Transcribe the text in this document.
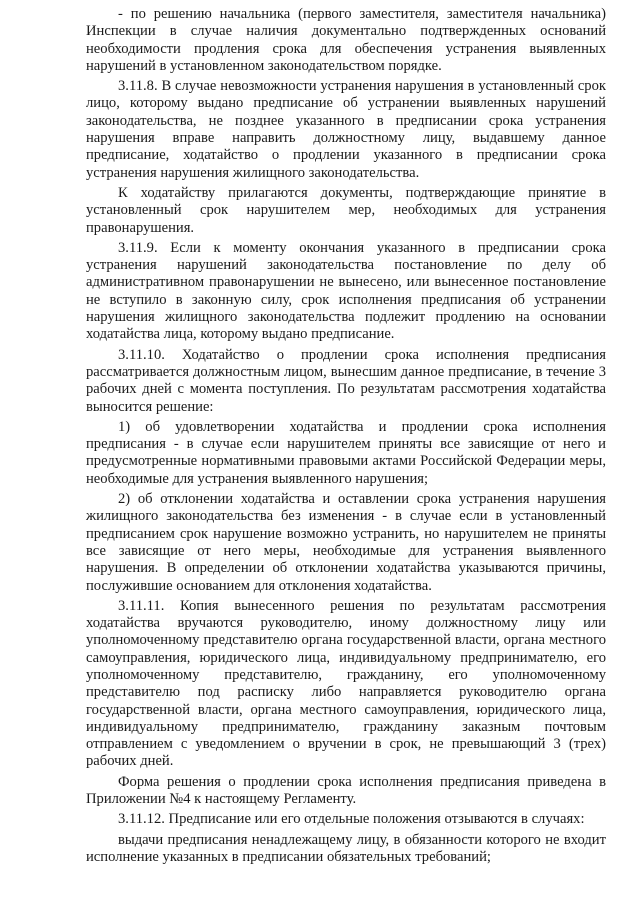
- по решению начальника (первого заместителя, заместителя начальника) Инспекции в случае наличия документально подтвержденных оснований необходимости продления срока для обеспечения устранения выявленных нарушений в установленном законодательством порядке.

3.11.8. В случае невозможности устранения нарушения в установленный срок лицо, которому выдано предписание об устранении выявленных нарушений законодательства, не позднее указанного в предписании срока устранения нарушения вправе направить должностному лицу, выдавшему данное предписание, ходатайство о продлении указанного в предписании срока устранения нарушения жилищного законодательства.

К ходатайству прилагаются документы, подтверждающие принятие в установленный срок нарушителем мер, необходимых для устранения правонарушения.

3.11.9. Если к моменту окончания указанного в предписании срока устранения нарушений законодательства постановление по делу об административном правонарушении не вынесено, или вынесенное постановление не вступило в законную силу, срок исполнения предписания об устранении нарушения жилищного законодательства подлежит продлению на основании ходатайства лица, которому выдано предписание.

3.11.10. Ходатайство о продлении срока исполнения предписания рассматривается должностным лицом, вынесшим данное предписание, в течение 3 рабочих дней с момента поступления. По результатам рассмотрения ходатайства выносится решение:

1) об удовлетворении ходатайства и продлении срока исполнения предписания - в случае если нарушителем приняты все зависящие от него и предусмотренные нормативными правовыми актами Российской Федерации меры, необходимые для устранения выявленного нарушения;

2) об отклонении ходатайства и оставлении срока устранения нарушения жилищного законодательства без изменения - в случае если в установленный предписанием срок нарушение возможно устранить, но нарушителем не приняты все зависящие от него меры, необходимые для устранения выявленного нарушения. В определении об отклонении ходатайства указываются причины, послужившие основанием для отклонения ходатайства.

3.11.11. Копия вынесенного решения по результатам рассмотрения ходатайства вручаются руководителю, иному должностному лицу или уполномоченному представителю органа государственной власти, органа местного самоуправления, юридического лица, индивидуальному предпринимателю, его уполномоченному представителю, гражданину, его уполномоченному представителю под расписку либо направляется руководителю органа государственной власти, органа местного самоуправления, юридического лица, индивидуальному предпринимателю, гражданину заказным почтовым отправлением с уведомлением о вручении в срок, не превышающий 3 (трех) рабочих дней.

Форма решения о продлении срока исполнения предписания приведена в Приложении №4 к настоящему Регламенту.

3.11.12. Предписание или его отдельные положения отзываются в случаях:

выдачи предписания ненадлежащему лицу, в обязанности которого не входит исполнение указанных в предписании обязательных требований;
